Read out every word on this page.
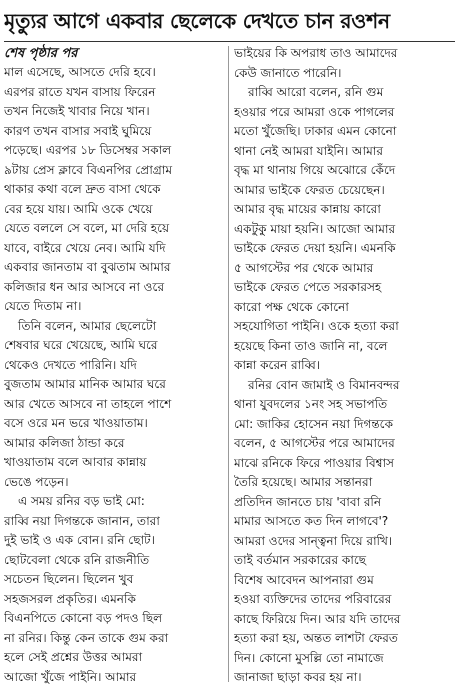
মৃত্যুর আগে একবার ছেলেকে দেখতে চান রওশন
শেষ পৃষ্ঠার পর
মাল এসেছে, আসতে দেরি হবে।
এরপর রাতে যখন বাসায় ফিরেন
তখন নিজেই খাবার নিয়ে খান।
কারণ তখন বাসার সবাই ঘুমিয়ে
পড়েছে। এরপর ১৮ ডিসেম্বর সকাল
৯টায় প্রেস ক্লাবে বিএনপির প্রোগ্রাম
থাকার কথা বলে দ্রুত বাসা থেকে
বের হয়ে যায়। আমি ওকে খেয়ে
যেতে বললে সে বলে, মা দেরি হয়ে
যাবে, বাইরে খেয়ে নেব। আমি যদি
একবার জানতাম বা বুঝতাম আমার
কলিজার ধন আর আসবে না ওরে
যেতে দিতাম না।
তিনি বলেন, আমার ছেলেটো
শেষবার ঘরে খেয়েছে, আমি ঘরে
থেকেও দেখতে পারিনি। যদি
বুজতাম আমার মানিক আমার ঘরে
আর খেতে আসবে না তাহলে পাশে
বসে ওরে মন ভরে খাওয়াতাম।
আমার কলিজা ঠান্ডা করে
খাওয়াতাম বলে আবার কান্নায়
ভেঙে পড়েন।
এ সময় রনির বড় ভাই মো:
রাব্বি নয়া দিগন্তকে জানান, তারা
দুই ভাই ও এক বোন। রনি ছোট।
ছোটবেলা থেকে রনি রাজনীতি
সচেতন ছিলেন। ছিলেন খুব
সহজসরল প্রকৃতির। এমনকি
বিএনপিতে কোনো বড় পদও ছিল
না রনির। কিন্তু কেন তাকে গুম করা
হলে সেই প্রশ্নের উত্তর আমরা
আজো খুঁজে পাইনি। আমার
ভাইয়ের কি অপরাধ তাও আমাদের
কেউ জানাতে পারেনি।
রাব্বি আরো বলেন, রনি গুম
হওয়ার পরে আমরা ওকে পাগলের
মতো খুঁজেছি। ঢাকার এমন কোনো
থানা নেই আমরা যাইনি। আমার
বৃদ্ধ মা থানায় গিয়ে অঝোরে কেঁদে
আমার ভাইকে ফেরত চেয়েছেন।
আমার বৃদ্ধ মায়ের কান্নায় কারো
একটুকু মায়া হয়নি। আজো আমার
ভাইকে ফেরত দেয়া হয়নি। এমনকি
৫ আগস্টের পর থেকে আমার
ভাইকে ফেরত পেতে সরকারসহ
কারো পক্ষ থেকে কোনো
সহযোগিতা পাইনি। ওকে হত্যা করা
হয়েছে কিনা তাও জানি না, বলে
কান্না করেন রাব্বি।
রনির বোন জামাই ও বিমানবন্দর
থানা যুবদলের ১নং সহ সভাপতি
মো: জাকির হোসেন নয়া দিগন্তকে
বলেন, ৫ আগস্টের পরে আমাদের
মাঝে রনিকে ফিরে পাওয়ার বিশ্বাস
তৈরি হয়েছে। আমার সন্তানরা
প্রতিদিন জানতে চায় 'বাবা রনি
মামার আসতে কত দিন লাগবে'?
আমরা ওদের সান্ত্বনা দিয়ে রাখি।
তাই বর্তমান সরকারের কাছে
বিশেষ আবেদন আপনারা গুম
হওয়া ব্যক্তিদের তাদের পরিবারের
কাছে ফিরিয়ে দিন। আর যদি তাদের
হত্যা করা হয়, অন্তত লাশটা ফেরত
দিন। কোনো মুসল্লি তো নামাজে
জানাজা ছাড়া কবর হয় না।
